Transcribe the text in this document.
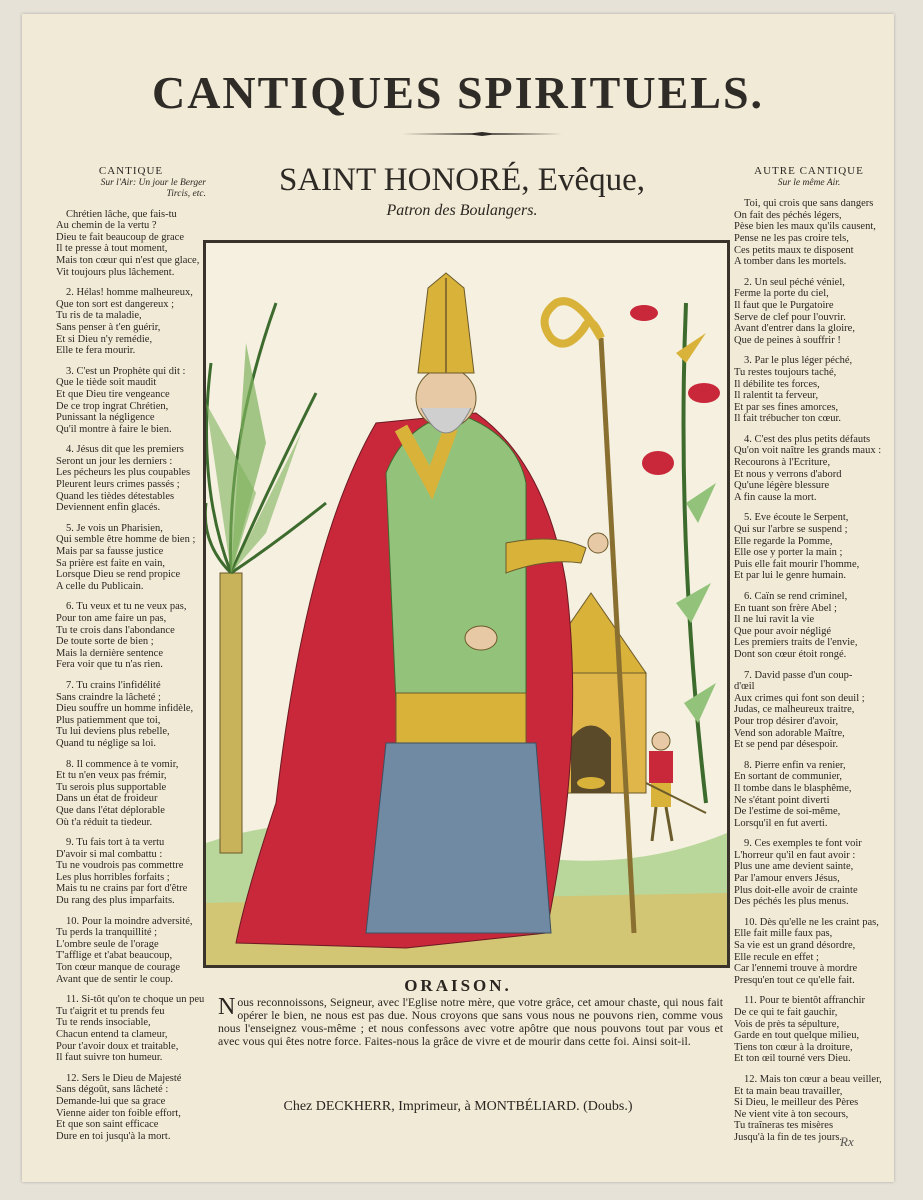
CANTIQUES SPIRITUELS.
SAINT HONORÉ, Evêque,
Patron des Boulangers.
CANTIQUE
Sur l'Air: Un jour le Berger
Tircis, etc.
Chrétien lâche, que fais-tu
Au chemin de la vertu ?
Dieu te fait beaucoup de grace
Il te presse à tout moment,
Mais ton cœur qui n'est que glace,
Vit toujours plus lâchement.
2. Hélas! homme malheureux,
Que ton sort est dangereux ;
Tu ris de ta maladie,
Sans penser à t'en guérir,
Et si Dieu n'y remédie,
Elle te fera mourir.
3. C'est un Prophète qui dit :
Que le tiède soit maudit
Et que Dieu tire vengeance
De ce trop ingrat Chrétien,
Punissant la négligence
Qu'il montre à faire le bien.
4. Jésus dit que les premiers
Seront un jour les derniers :
Les pécheurs les plus coupables
Pleurent leurs crimes passés ;
Quand les tièdes détestables
Deviennent enfin glacés.
5. Je vois un Pharisien,
Qui semble être homme de bien ;
Mais par sa fausse justice
Sa prière est faite en vain,
Lorsque Dieu se rend propice
A celle du Publicain.
6. Tu veux et tu ne veux pas,
Pour ton ame faire un pas,
Tu te crois dans l'abondance
De toute sorte de bien ;
Mais la dernière sentence
Fera voir que tu n'as rien.
7. Tu crains l'infidélité
Sans craindre la lâcheté ;
Dieu souffre un homme infidèle,
Plus patiemment que toi,
Tu lui deviens plus rebelle,
Quand tu néglige sa loi.
8. Il commence à te vomir,
Et tu n'en veux pas frémir,
Tu serois plus supportable
Dans un état de froideur
Que dans l'état déplorable
Où t'a réduit ta tiedeur.
9. Tu fais tort à ta vertu
D'avoir si mal combattu :
Tu ne voudrois pas commettre
Les plus horribles forfaits ;
Mais tu ne crains par fort d'être
Du rang des plus imparfaits.
10. Pour la moindre adversité,
Tu perds la tranquillité ;
L'ombre seule de l'orage
T'afflige et t'abat beaucoup,
Ton cœur manque de courage
Avant que de sentir le coup.
11. Si-tôt qu'on te choque un peu
Tu t'aigrit et tu prends feu
Tu te rends insociable,
Chacun entend ta clameur,
Pour t'avoir doux et traitable,
Il faut suivre ton humeur.
12. Sers le Dieu de Majesté
Sans dégoût, sans lâcheté :
Demande-lui que sa grace
Vienne aider ton foible effort,
Et que son saint efficace
Dure en toi jusqu'à la mort.
AUTRE CANTIQUE
Sur le même Air.
Toi, qui crois que sans dangers
On fait des péchés légers,
Pèse bien les maux qu'ils causent,
Pense ne les pas croire tels,
Ces petits maux te disposent
A tomber dans les mortels.
2. Un seul péché véniel,
Ferme la porte du ciel,
Il faut que le Purgatoire
Serve de clef pour l'ouvrir.
Avant d'entrer dans la gloire,
Que de peines à souffrir !
3. Par le plus léger péché,
Tu restes toujours taché,
Il débilite tes forces,
Il ralentit ta ferveur,
Et par ses fines amorces,
Il fait trébucher ton cœur.
4. C'est des plus petits défauts
Qu'on voit naître les grands maux :
Recourons à l'Ecriture,
Et nous y verrons d'abord
Qu'une légère blessure
A fin cause la mort.
5. Eve écoute le Serpent,
Qui sur l'arbre se suspend ;
Elle regarde la Pomme,
Elle ose y porter la main ;
Puis elle fait mourir l'homme,
Et par lui le genre humain.
6. Caïn se rend criminel,
En tuant son frère Abel ;
Il ne lui ravit la vie
Que pour avoir négligé
Les premiers traits de l'envie,
Dont son cœur étoit rongé.
7. David passe d'un coup-
d'œil
Aux crimes qui font son deuil ;
Judas, ce malheureux traitre,
Pour trop désirer d'avoir,
Vend son adorable Maître,
Et se pend par désespoir.
8. Pierre enfin va renier,
En sortant de communier,
Il tombe dans le blasphême,
Ne s'étant point diverti
De l'estime de soi-même,
Lorsqu'il en fut averti.
9. Ces exemples te font voir
L'horreur qu'il en faut avoir :
Plus une ame devient sainte,
Par l'amour envers Jésus,
Plus doit-elle avoir de crainte
Des péchés les plus menus.
10. Dès qu'elle ne les craint pas,
Elle fait mille faux pas,
Sa vie est un grand désordre,
Elle recule en effet ;
Car l'ennemi trouve à mordre
Presqu'en tout ce qu'elle fait.
11. Pour te bientôt affranchir
De ce qui te fait gauchir,
Vois de près ta sépulture,
Garde en tout quelque milieu,
Tiens ton cœur à la droiture,
Et ton œil tourné vers Dieu.
12. Mais ton cœur a beau veiller,
Et ta main beau travailler,
Si Dieu, le meilleur des Pères
Ne vient vite à ton secours,
Tu traîneras tes misères
Jusqu'à la fin de tes jours.
ORAISON.
Nous reconnoissons, Seigneur, avec l'Eglise notre mère, que votre grâce, cet amour chaste, qui nous fait opérer le bien, ne nous est pas due. Nous croyons que sans vous nous ne pouvons rien, comme vous nous l'enseignez vous-même ; et nous confessons avec votre apôtre que nous pouvons tout par vous et avec vous qui êtes notre force. Faites-nous la grâce de vivre et de mourir dans cette foi. Ainsi soit-il.
Chez DECKHERR, Imprimeur, à MONTBÉLIARD. (Doubs.)
Rx
